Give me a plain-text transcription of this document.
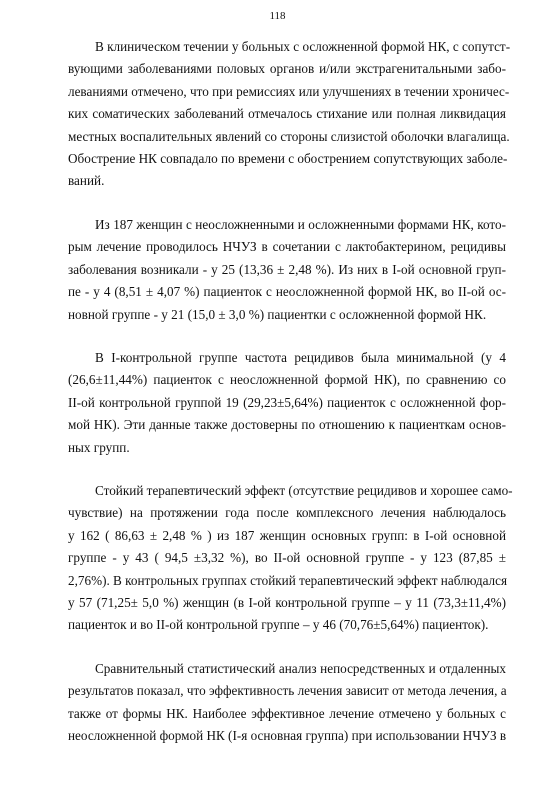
118

В клиническом течении у больных с осложненной формой НК, с сопутст-
вующими заболеваниями половых органов и/или экстрагенитальными забо-
леваниями отмечено, что при ремиссиях или улучшениях в течении хроничес-
ких соматических заболеваний отмечалось стихание или полная ликвидация
местных воспалительных явлений со стороны слизистой оболочки влагалища.
Обострение НК совпадало по времени с обострением сопутствующих заболе-
ваний.

Из 187 женщин с неосложненными и осложненными формами НК, кото-
рым лечение проводилось НЧУЗ в сочетании с лактобактерином, рецидивы
заболевания возникали - у 25 (13,36 ± 2,48 %). Из них в I-ой основной груп-
пе - у 4 (8,51 ± 4,07 %) пациенток с неосложненной формой НК, во II-ой ос-
новной группе - у 21 (15,0 ± 3,0 %) пациентки с осложненной формой НК.

В I-контрольной группе частота рецидивов была минимальной (у 4
(26,6±11,44%) пациенток с неосложненной формой НК), по сравнению со
II-ой контрольной группой 19 (29,23±5,64%) пациенток с осложненной фор-
мой НК). Эти данные также достоверны по отношению к пациенткам основ-
ных групп.

Стойкий терапевтический эффект (отсутствие рецидивов и хорошее само-
чувствие) на протяжении года после комплексного лечения наблюдалось
у 162 ( 86,63 ± 2,48 % ) из 187 женщин основных групп: в I-ой основной
группе - у 43 ( 94,5 ±3,32 %), во II-ой основной группе - у 123 (87,85 ±
2,76%). В контрольных группах стойкий терапевтический эффект наблюдался
у 57 (71,25± 5,0 %) женщин (в I-ой контрольной группе – у 11 (73,3±11,4%)
пациенток и во II-ой контрольной группе – у 46 (70,76±5,64%) пациенток).

Сравнительный статистический анализ непосредственных и отдаленных
результатов показал, что эффективность лечения зависит от метода лечения, а
также от формы НК. Наиболее эффективное лечение отмечено у больных с
неосложненной формой НК (I-я основная группа) при использовании НЧУЗ в
